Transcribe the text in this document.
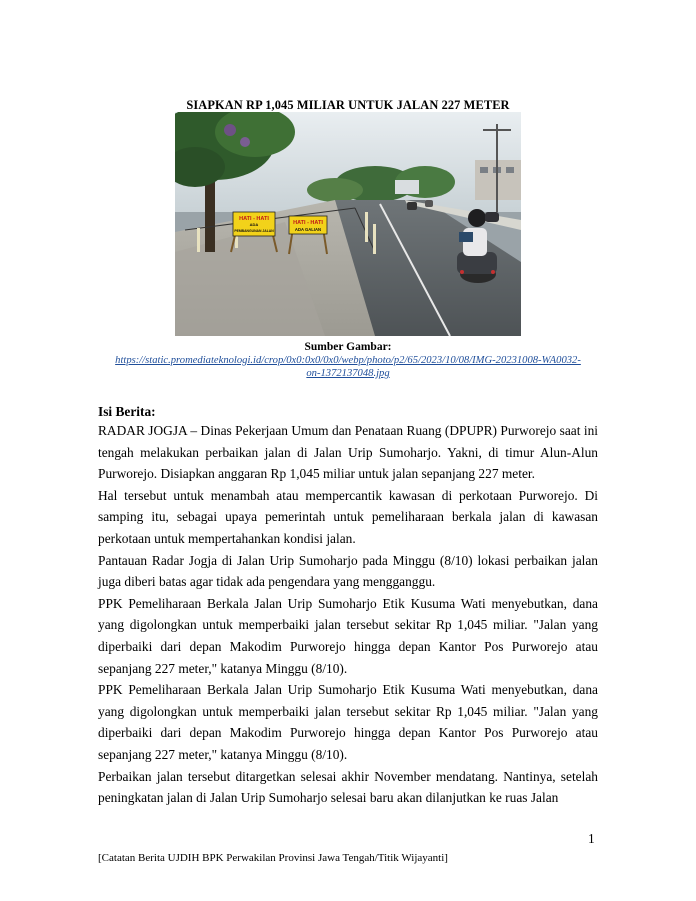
SIAPKAN RP 1,045 MILIAR UNTUK JALAN 227 METER
HATI - HATI
ADA
PEMBANGUNAN JALAN
HATI - HATI
ADA GALIAN
Sumber Gambar:
https://static.promediateknologi.id/crop/0x0:0x0/0x0/webp/photo/p2/65/2023/10/08/IMG-20231008-WA0032-
on-1372137048.jpg
Isi Berita:

RADAR JOGJA – Dinas Pekerjaan Umum dan Penataan Ruang (DPUPR) Purworejo saat ini tengah melakukan perbaikan jalan di Jalan Urip Sumoharjo. Yakni, di timur Alun-Alun Purworejo. Disiapkan anggaran Rp 1,045 miliar untuk jalan sepanjang 227 meter.

Hal tersebut untuk menambah atau mempercantik kawasan di perkotaan Purworejo. Di samping itu, sebagai upaya pemerintah untuk pemeliharaan berkala jalan di kawasan perkotaan untuk mempertahankan kondisi jalan.

Pantauan Radar Jogja di Jalan Urip Sumoharjo pada Minggu (8/10) lokasi perbaikan jalan juga diberi batas agar tidak ada pengendara yang mengganggu.

PPK Pemeliharaan Berkala Jalan Urip Sumoharjo Etik Kusuma Wati menyebutkan, dana yang digolongkan untuk memperbaiki jalan tersebut sekitar Rp 1,045 miliar. "Jalan yang diperbaiki dari depan Makodim Purworejo hingga depan Kantor Pos Purworejo atau sepanjang 227 meter," katanya Minggu (8/10).

PPK Pemeliharaan Berkala Jalan Urip Sumoharjo Etik Kusuma Wati menyebutkan, dana yang digolongkan untuk memperbaiki jalan tersebut sekitar Rp 1,045 miliar. "Jalan yang diperbaiki dari depan Makodim Purworejo hingga depan Kantor Pos Purworejo atau sepanjang 227 meter," katanya Minggu (8/10).

Perbaikan jalan tersebut ditargetkan selesai akhir November mendatang. Nantinya, setelah peningkatan jalan di Jalan Urip Sumoharjo selesai baru akan dilanjutkan ke ruas Jalan

1
[Catatan Berita UJDIH BPK Perwakilan Provinsi Jawa Tengah/Titik Wijayanti]
